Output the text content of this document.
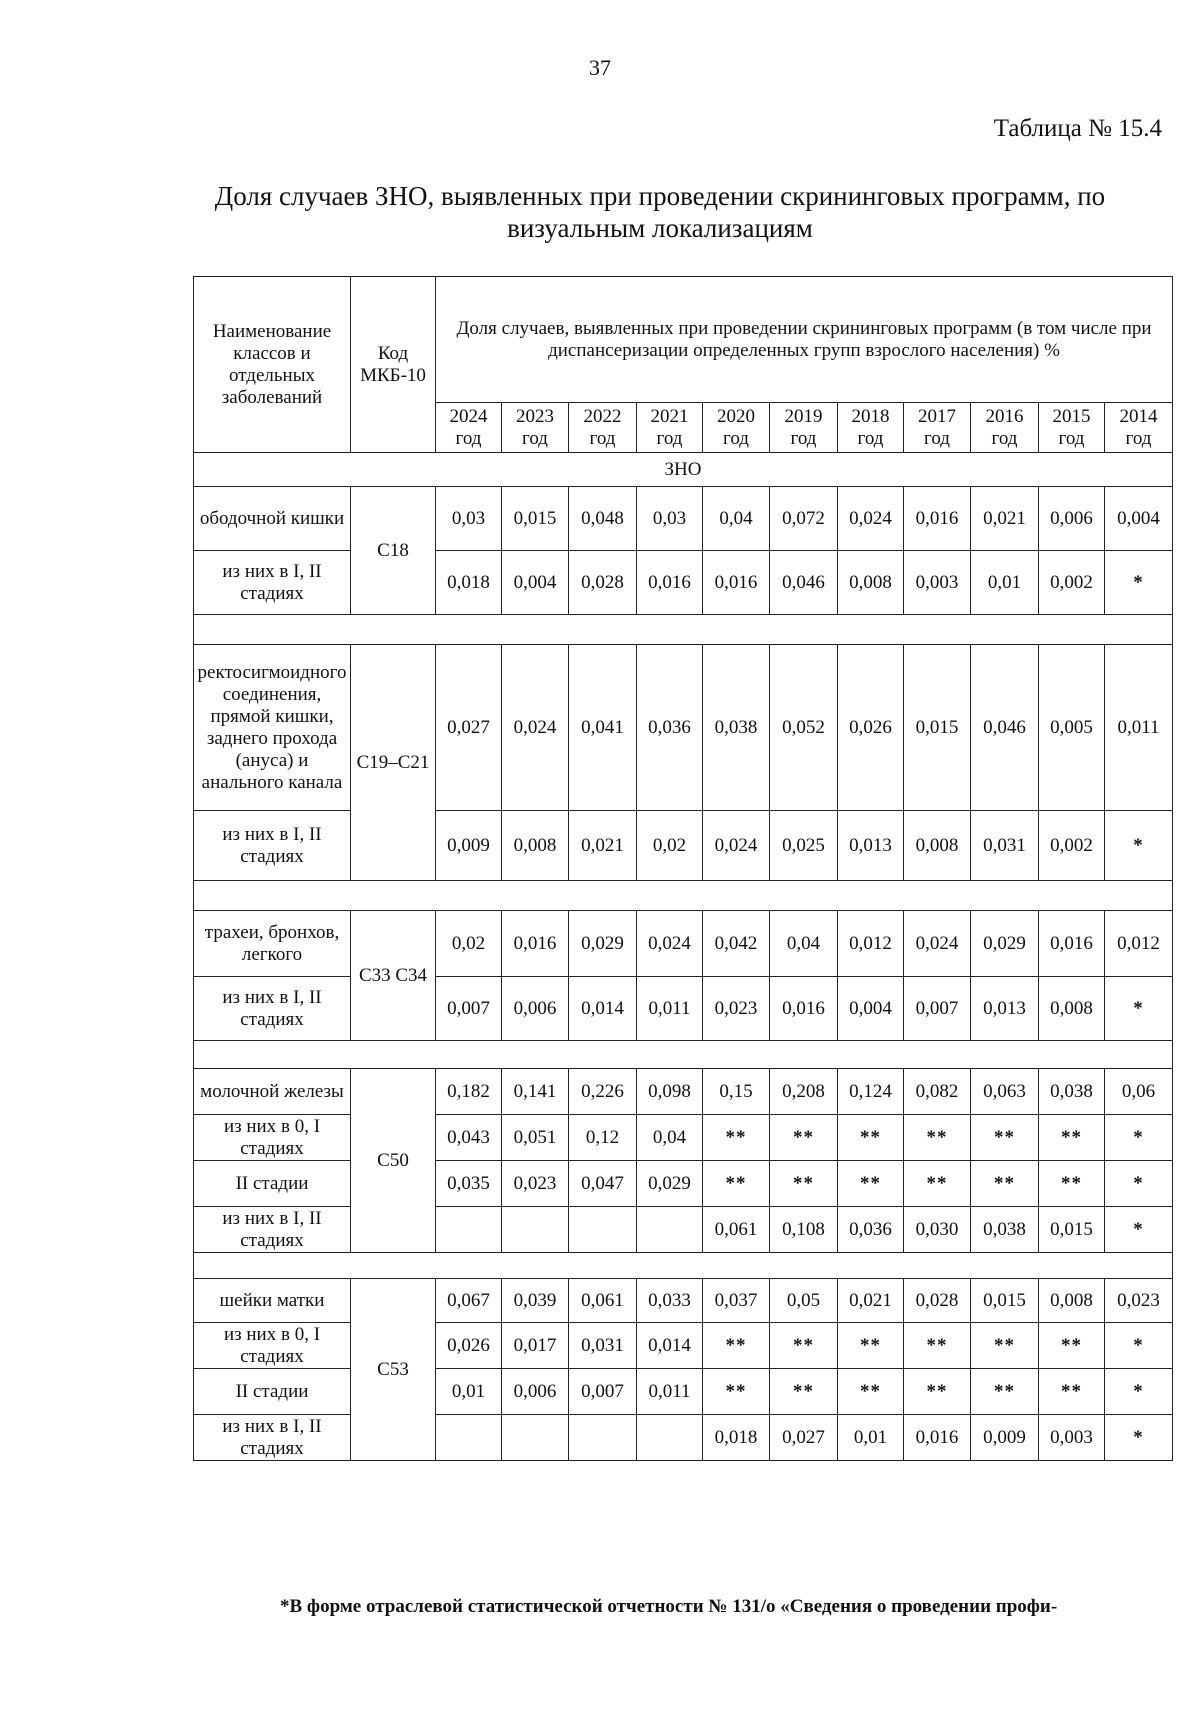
37
Таблица № 15.4
Доля случаев ЗНО, выявленных при проведении скрининговых программ, по
визуальным локализациям
Наименование классов и отдельных заболеваний	Код МКБ-10	Доля случаев, выявленных при проведении скрининговых программ (в том числе при диспансеризации определенных групп взрослого населения) %										
		2024 год	2023 год	2022 год	2021 год	2020 год	2019 год	2018 год	2017 год	2016 год	2015 год	2014 год
ЗНО												
ободочной кишки	С18	0,03	0,015	0,048	0,03	0,04	0,072	0,024	0,016	0,021	0,006	0,004
из них в I, II стадиях		0,018	0,004	0,028	0,016	0,016	0,046	0,008	0,003	0,01	0,002	*

ректосигмоидного соединения, прямой кишки, заднего прохода (ануса) и анального канала	С19–С21	0,027	0,024	0,041	0,036	0,038	0,052	0,026	0,015	0,046	0,005	0,011
из них в I, II стадиях		0,009	0,008	0,021	0,02	0,024	0,025	0,013	0,008	0,031	0,002	*

трахеи, бронхов, легкого	С33 С34	0,02	0,016	0,029	0,024	0,042	0,04	0,012	0,024	0,029	0,016	0,012
из них в I, II стадиях		0,007	0,006	0,014	0,011	0,023	0,016	0,004	0,007	0,013	0,008	*

молочной железы	С50	0,182	0,141	0,226	0,098	0,15	0,208	0,124	0,082	0,063	0,038	0,06
из них в 0, I стадиях		0,043	0,051	0,12	0,04	**	**	**	**	**	**	*
II стадии		0,035	0,023	0,047	0,029	**	**	**	**	**	**	*
из них в I, II стадиях						0,061	0,108	0,036	0,030	0,038	0,015	*

шейки матки	С53	0,067	0,039	0,061	0,033	0,037	0,05	0,021	0,028	0,015	0,008	0,023
из них в 0, I стадиях		0,026	0,017	0,031	0,014	**	**	**	**	**	**	*
II стадии		0,01	0,006	0,007	0,011	**	**	**	**	**	**	*
из них в I, II стадиях						0,018	0,027	0,01	0,016	0,009	0,003	*
*В форме отраслевой статистической отчетности № 131/о «Сведения о проведении профи-
